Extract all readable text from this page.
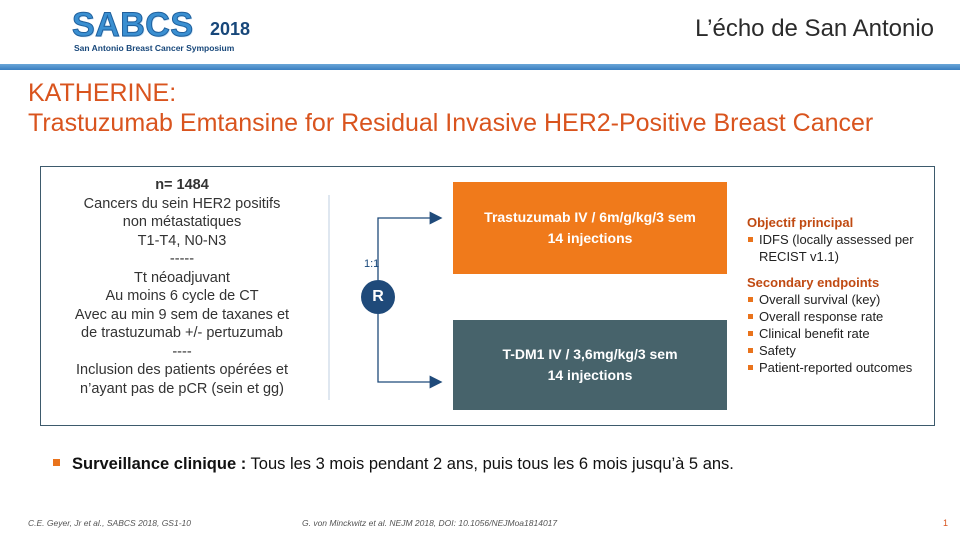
SABCS 2018
San Antonio Breast Cancer Symposium
L’écho de San Antonio
KATHERINE:
Trastuzumab Emtansine for Residual Invasive HER2-Positive Breast Cancer
n= 1484
Cancers du sein HER2 positifs
non métastatiques
T1-T4, N0-N3
-----
Tt néoadjuvant
Au moins 6 cycle de CT
Avec au min 9 sem de taxanes et
de trastuzumab +/- pertuzumab
----
Inclusion des patients opérées et
n’ayant pas de pCR (sein et gg)
1:1
R
Trastuzumab IV / 6m/g/kg/3 sem
14 injections
T-DM1 IV / 3,6mg/kg/3 sem
14 injections
Objectif principal
IDFS (locally assessed per RECIST v1.1)
Secondary endpoints
Overall survival (key)
Overall response rate
Clinical benefit rate
Safety
Patient-reported outcomes
Surveillance clinique : Tous les 3 mois pendant 2 ans, puis tous les 6 mois jusqu’à 5 ans.
C.E. Geyer, Jr et al., SABCS 2018, GS1-10	G. von Minckwitz et al. NEJM 2018, DOI: 10.1056/NEJMoa1814017	1
